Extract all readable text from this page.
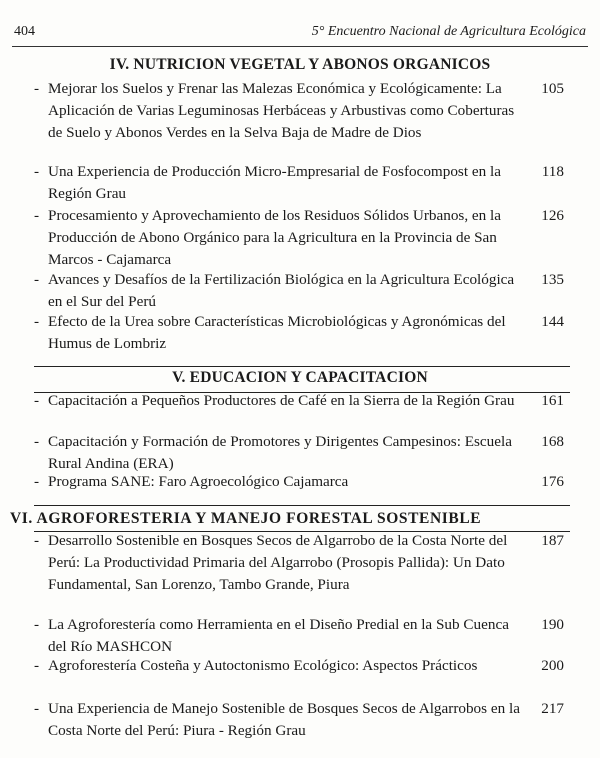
404	5° Encuentro Nacional de Agricultura Ecológica
IV. NUTRICION VEGETAL Y ABONOS ORGANICOS
- Mejorar los Suelos y Frenar las Malezas Económica y Ecológicamente: La Aplicación de Varias Leguminosas Herbáceas y Arbustivas como Coberturas de Suelo y Abonos Verdes en la Selva Baja de Madre de Dios
105
- Una Experiencia de Producción Micro-Empresarial de Fosfocompost en la Región Grau
118
- Procesamiento y Aprovechamiento de los Residuos Sólidos Urbanos, en la Producción de Abono Orgánico para la Agricultura en la Provincia de San Marcos - Cajamarca
126
- Avances y Desafíos de la Fertilización Biológica en la Agricultura Ecológica en el Sur del Perú
135
- Efecto de la Urea sobre Características Microbiológicas y Agronómicas del Humus de Lombriz
144
V. EDUCACION Y CAPACITACION
- Capacitación a Pequeños Productores de Café en la Sierra de la Región Grau	161
- Capacitación y Formación de Promotores y Dirigentes Campesinos: Escuela Rural Andina (ERA)
168
- Programa SANE: Faro Agroecológico Cajamarca	176
VI. AGROFORESTERIA Y MANEJO FORESTAL SOSTENIBLE
- Desarrollo Sostenible en Bosques Secos de Algarrobo de la Costa Norte del Perú: La Productividad Primaria del Algarrobo (Prosopis Pallida): Un Dato Fundamental, San Lorenzo, Tambo Grande, Piura
187
- La Agroforestería como Herramienta en el Diseño Predial en la Sub Cuenca del Río MASHCON
190
- Agroforestería Costeña y Autoctonismo Ecológico: Aspectos Prácticos	200
- Una Experiencia de Manejo Sostenible de Bosques Secos de Algarrobos en la Costa Norte del Perú: Piura - Región Grau
217
